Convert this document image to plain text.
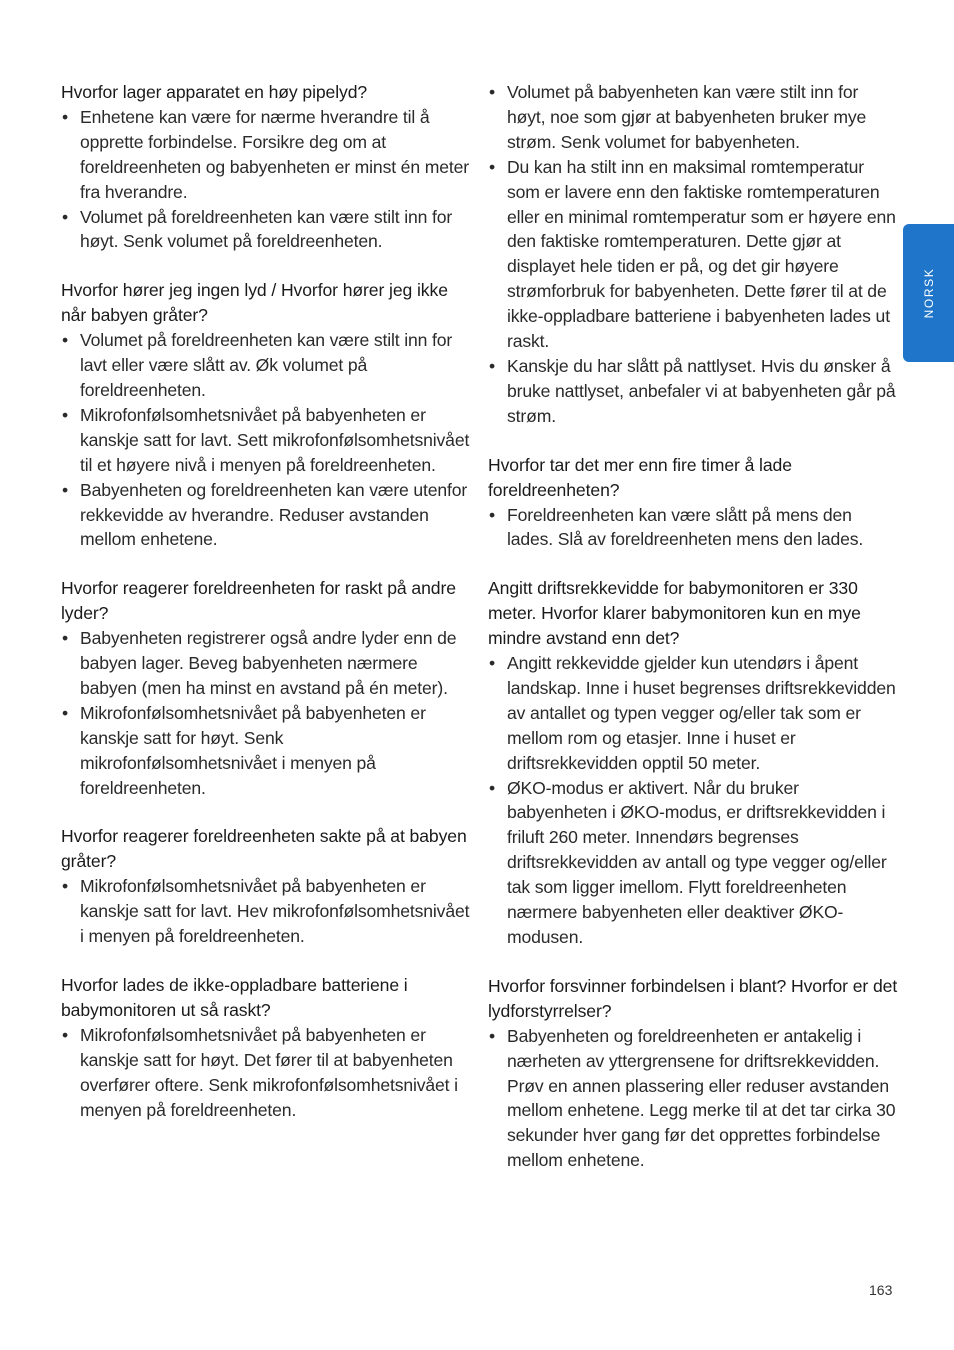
Hvorfor lager apparatet en høy pipelyd?

• Enhetene kan være for nærme hverandre til å opprette forbindelse. Forsikre deg om at foreldreenheten og babyenheten er minst én meter fra hverandre.
• Volumet på foreldreenheten kan være stilt inn for høyt. Senk volumet på foreldreenheten.

Hvorfor hører jeg ingen lyd / Hvorfor hører jeg ikke når babyen gråter?

• Volumet på foreldreenheten kan være stilt inn for lavt eller være slått av. Øk volumet på foreldreenheten.
• Mikrofonfølsomhetsnivået på babyenheten er kanskje satt for lavt. Sett mikrofonfølsomhetsnivået til et høyere nivå i menyen på foreldreenheten.
• Babyenheten og foreldreenheten kan være utenfor rekkevidde av hverandre. Reduser avstanden mellom enhetene.

Hvorfor reagerer foreldreenheten for raskt på andre lyder?

• Babyenheten registrerer også andre lyder enn de babyen lager. Beveg babyenheten nærmere babyen (men ha minst en avstand på én meter).
• Mikrofonfølsomhetsnivået på babyenheten er kanskje satt for høyt. Senk mikrofonfølsomhetsnivået i menyen på foreldreenheten.

Hvorfor reagerer foreldreenheten sakte på at babyen gråter?

• Mikrofonfølsomhetsnivået på babyenheten er kanskje satt for lavt. Hev mikrofonfølsomhetsnivået i menyen på foreldreenheten.

Hvorfor lades de ikke-oppladbare batteriene i babymonitoren ut så raskt?

• Mikrofonfølsomhetsnivået på babyenheten er kanskje satt for høyt. Det fører til at babyenheten overfører oftere. Senk mikrofonfølsomhetsnivået i menyen på foreldreenheten.
• Volumet på babyenheten kan være stilt inn for høyt, noe som gjør at babyenheten bruker mye strøm. Senk volumet for babyenheten.
• Du kan ha stilt inn en maksimal romtemperatur som er lavere enn den faktiske romtemperaturen eller en minimal romtemperatur som er høyere enn den faktiske romtemperaturen. Dette gjør at displayet hele tiden er på, og det gir høyere strømforbruk for babyenheten. Dette fører til at de ikke-oppladbare batteriene i babyenheten lades ut raskt.
• Kanskje du har slått på nattlyset. Hvis du ønsker å bruke nattlyset, anbefaler vi at babyenheten går på strøm.

Hvorfor tar det mer enn fire timer å lade foreldreenheten?

• Foreldreenheten kan være slått på mens den lades. Slå av foreldreenheten mens den lades.

Angitt driftsrekkevidde for babymonitoren er 330 meter. Hvorfor klarer babymonitoren kun en mye mindre avstand enn det?

• Angitt rekkevidde gjelder kun utendørs i åpent landskap. Inne i huset begrenses driftsrekkevidden av antallet og typen vegger og/eller tak som er mellom rom og etasjer. Inne i huset er driftsrekkevidden opptil 50 meter.
• ØKO-modus er aktivert. Når du bruker babyenheten i ØKO-modus, er driftsrekkevidden i friluft 260 meter. Innendørs begrenses driftsrekkevidden av antall og type vegger og/eller tak som ligger imellom. Flytt foreldreenheten nærmere babyenheten eller deaktiver ØKO-modusen.

Hvorfor forsvinner forbindelsen i blant? Hvorfor er det lydforstyrrelser?

• Babyenheten og foreldreenheten er antakelig i nærheten av yttergrensene for driftsrekkevidden. Prøv en annen plassering eller reduser avstanden mellom enhetene. Legg merke til at det tar cirka 30 sekunder hver gang før det opprettes forbindelse mellom enhetene.
NORSK
163
